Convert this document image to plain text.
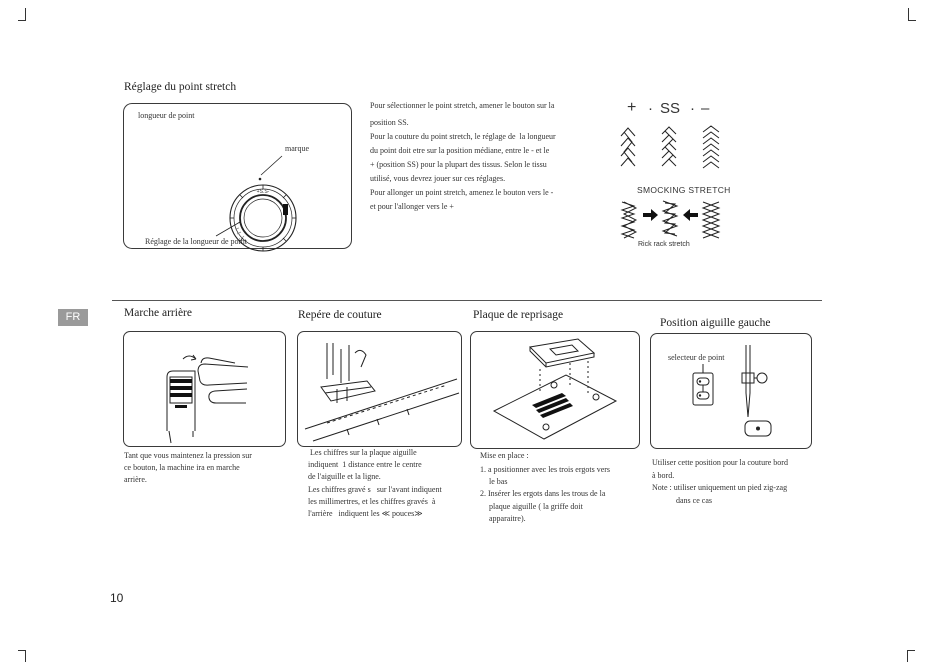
Réglage du point stretch
longueur de point
marque
Réglage de la longueur de point
+S.S-
Pour sélectionner le point stretch, amener le bouton sur la
position SS.
Pour la couture du point stretch, le réglage de  la longueur
du point doit etre sur la position médiane, entre le - et le
+ (position SS) pour la plupart des tissus. Selon le tissu
utilisé, vous devrez jouer sur ces réglages.
Pour allonger un point stretch, amenez le bouton vers le -
et pour l'allonger vers le +
+ · SS · –
SMOCKING STRETCH
Rick rack stretch
FR	Marche arrière
Tant que vous maintenez la pression sur
ce bouton, la machine ira en marche
arrière.
Repére de couture
Les chiffres sur la plaque aiguille
indiquent  1 distance entre le centre
de l'aiguille et la ligne.
Les chiffres gravé s   sur l'avant indiquent
les millimertres, et les chiffres gravés  à
l'arrière   indiquent les ≪ pouces≫
Plaque de reprisage
Mise en place :
1. a positionner avec les trois ergots vers
le bas
2. Insérer les ergots dans les trous de la
plaque aiguille ( la griffe doit
apparaitre).
Position aiguille gauche
selecteur de point
Utiliser cette position pour la couture bord
à bord.
Note : utiliser uniquement un pied zig-zag
dans ce cas
10
